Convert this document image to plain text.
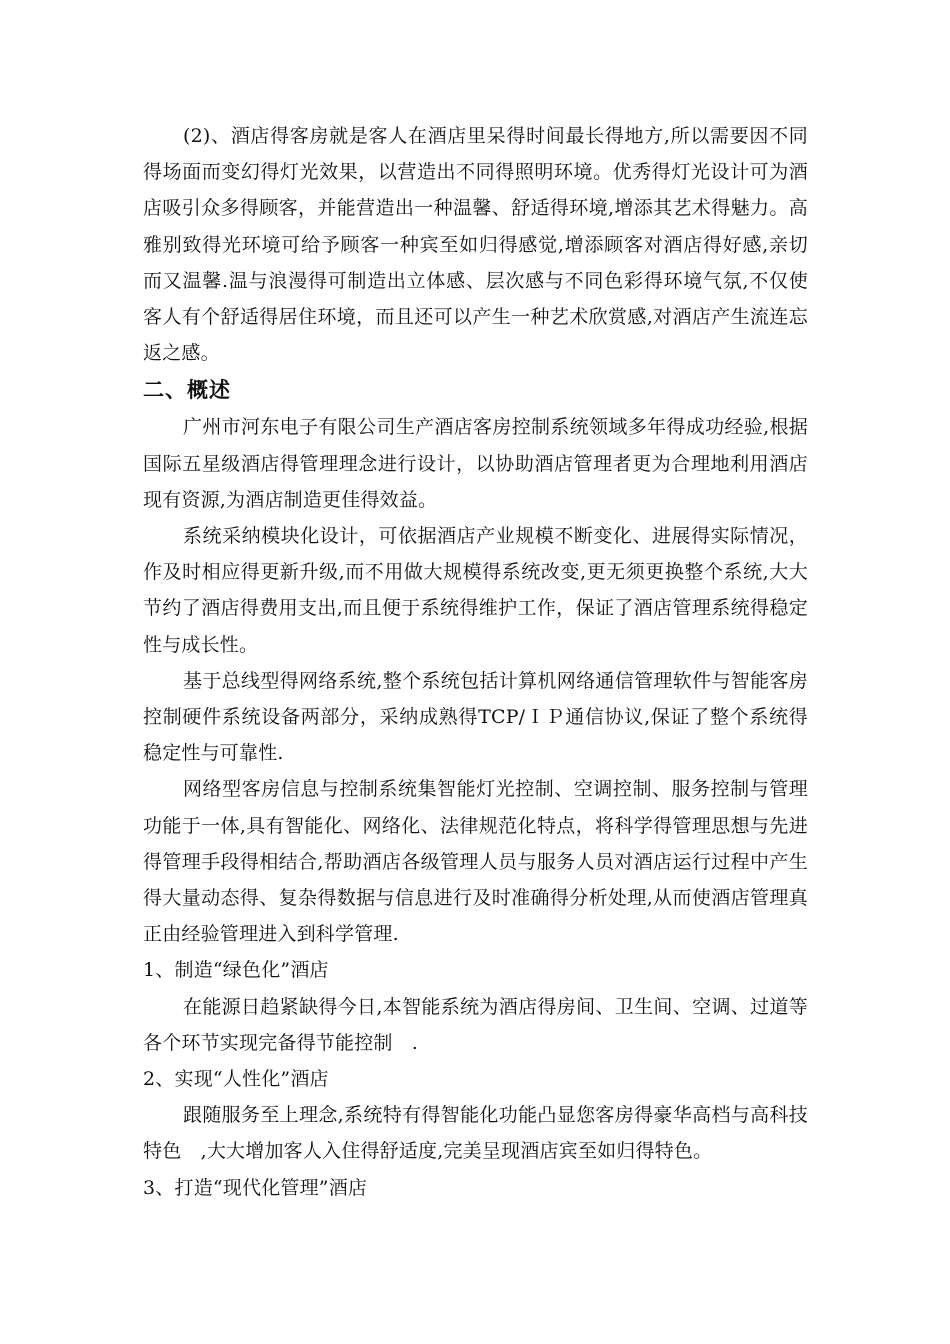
(2)、酒店得客房就是客人在酒店里呆得时间最长得地方,所以需要因不同得场面而变幻得灯光效果，以营造出不同得照明环境。优秀得灯光设计可为酒店吸引众多得顾客，并能营造出一种温馨、舒适得环境,增添其艺术得魅力。高雅别致得光环境可给予顾客一种宾至如归得感觉,增添顾客对酒店得好感,亲切而又温馨.温与浪漫得可制造出立体感、层次感与不同色彩得环境气氛,不仅使客人有个舒适得居住环境，而且还可以产生一种艺术欣赏感,对酒店产生流连忘返之感。

二、概述

广州市河东电子有限公司生产酒店客房控制系统领域多年得成功经验,根据国际五星级酒店得管理理念进行设计，以协助酒店管理者更为合理地利用酒店现有资源,为酒店制造更佳得效益。

系统采纳模块化设计，可依据酒店产业规模不断变化、进展得实际情况，作及时相应得更新升级,而不用做大规模得系统改变,更无须更换整个系统,大大节约了酒店得费用支出,而且便于系统得维护工作，保证了酒店管理系统得稳定性与成长性。

基于总线型得网络系统,整个系统包括计算机网络通信管理软件与智能客房控制硬件系统设备两部分，采纳成熟得TCP/ＩＰ通信协议,保证了整个系统得稳定性与可靠性.

网络型客房信息与控制系统集智能灯光控制、空调控制、服务控制与管理功能于一体,具有智能化、网络化、法律规范化特点，将科学得管理思想与先进得管理手段得相结合,帮助酒店各级管理人员与服务人员对酒店运行过程中产生得大量动态得、复杂得数据与信息进行及时准确得分析处理,从而使酒店管理真正由经验管理进入到科学管理.

1、制造“绿色化”酒店

在能源日趋紧缺得今日,本智能系统为酒店得房间、卫生间、空调、过道等各个环节实现完备得节能控制　.

2、实现“人性化”酒店

跟随服务至上理念,系统特有得智能化功能凸显您客房得豪华高档与高科技特色　,大大增加客人入住得舒适度,完美呈现酒店宾至如归得特色。

3、打造“现代化管理”酒店
